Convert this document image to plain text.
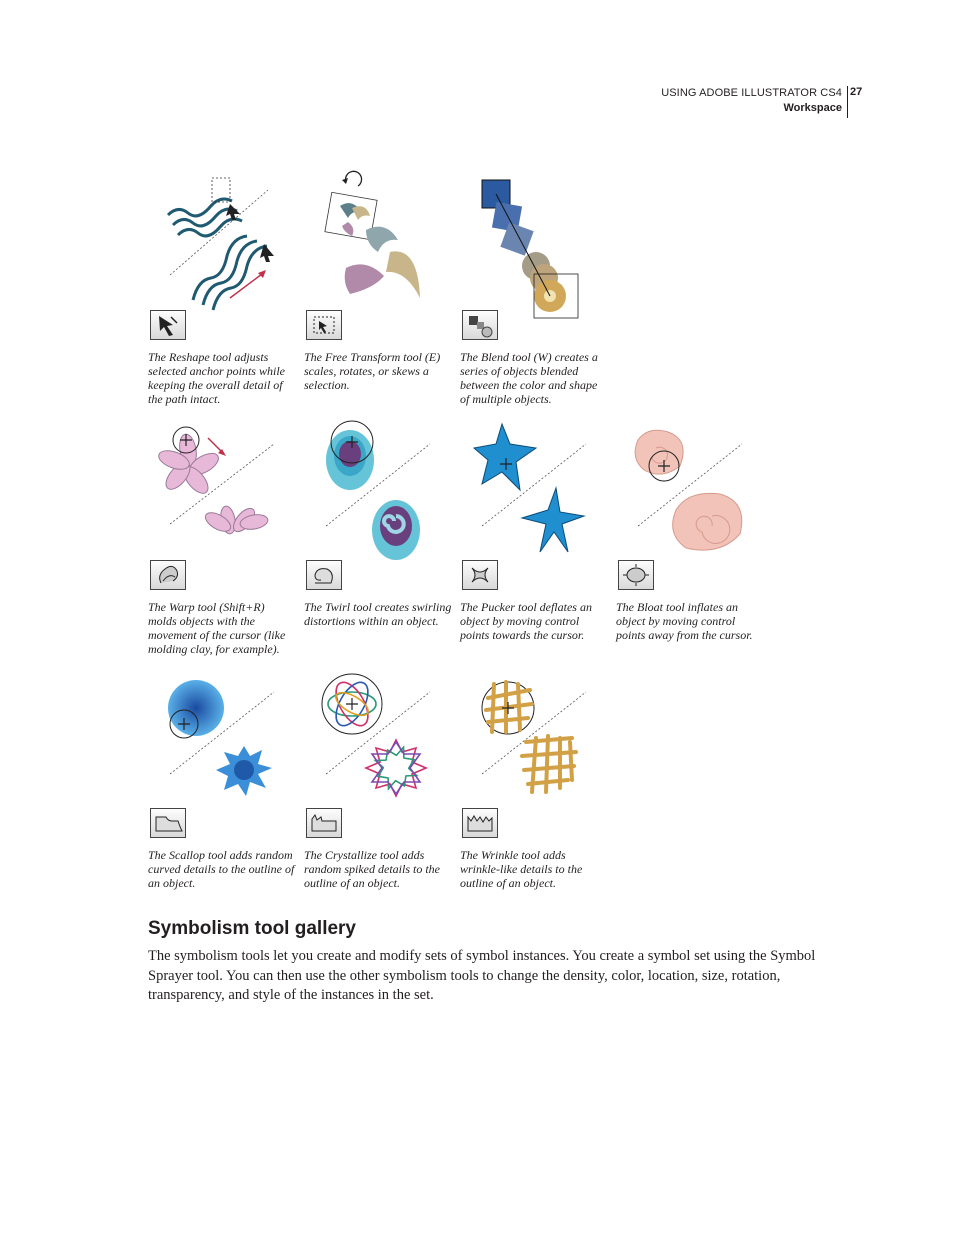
USING ADOBE ILLUSTRATOR CS4
Workspace
27
The Reshape tool adjusts selected anchor points while keeping the overall detail of the path intact.
The Free Transform tool (E) scales, rotates, or skews a selection.
The Blend tool (W) creates a series of objects blended between the color and shape of multiple objects.
The Warp tool (Shift+R) molds objects with the movement of the cursor (like molding clay, for example).
The Twirl tool creates swirling distortions within an object.
The Pucker tool deflates an object by moving control points towards the cursor.
The Bloat tool inflates an object by moving control points away from the cursor.
The Scallop tool adds random curved details to the outline of an object.
The Crystallize tool adds random spiked details to the outline of an object.
The Wrinkle tool adds wrinkle-like details to the outline of an object.
Symbolism tool gallery

The symbolism tools let you create and modify sets of symbol instances. You create a symbol set using the Symbol Sprayer tool. You can then use the other symbolism tools to change the density, color, location, size, rotation, transparency, and style of the instances in the set.
